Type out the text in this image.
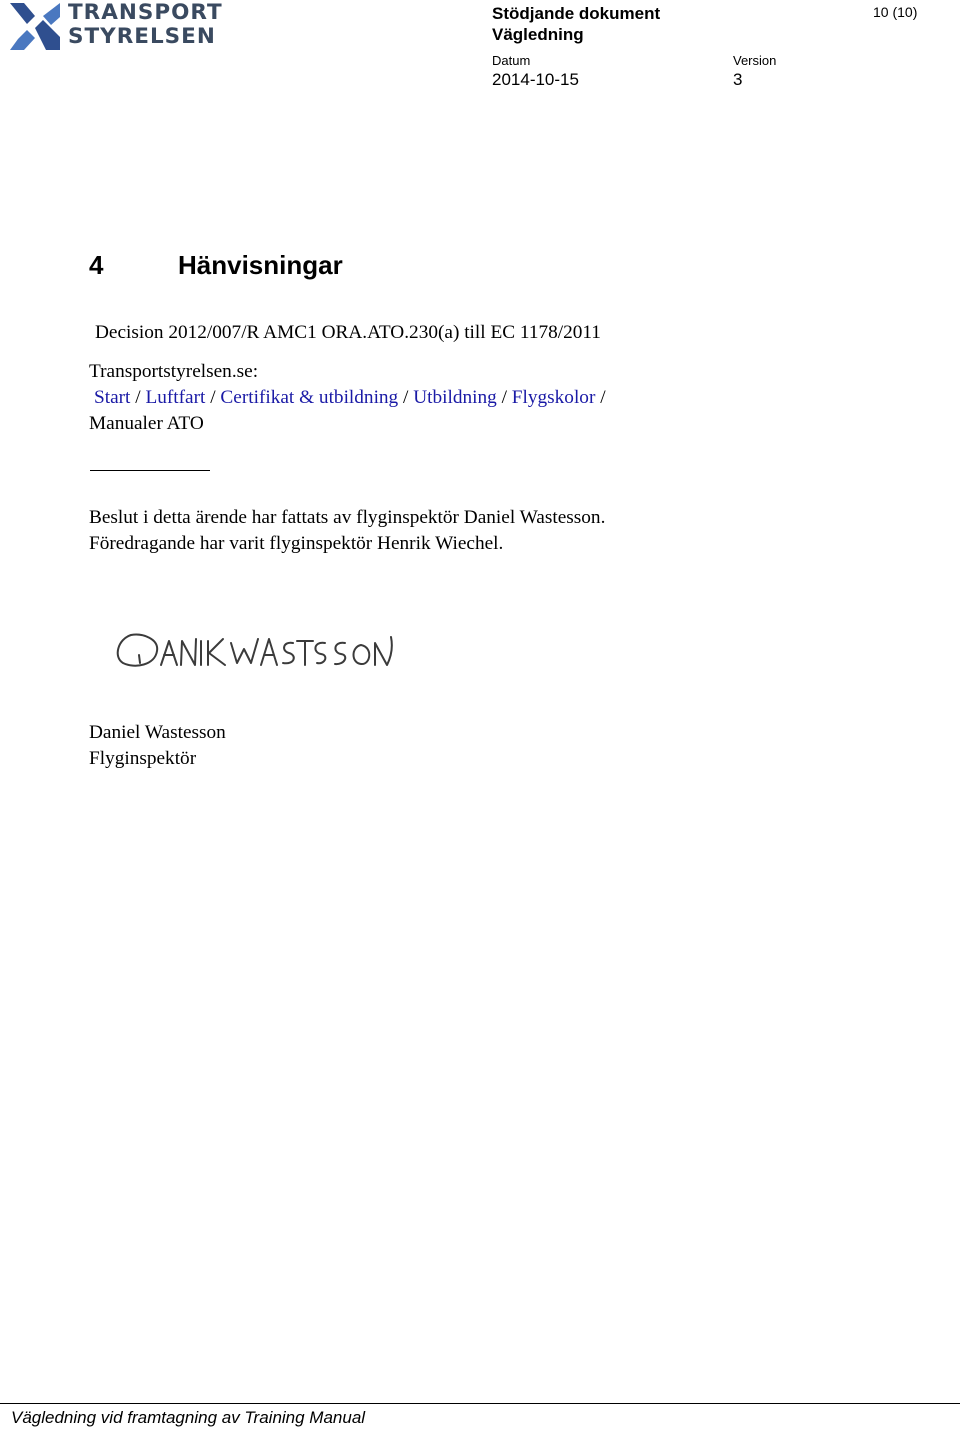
TRANSPORT
STYRELSEN
Stödjande dokument
Vägledning
10 (10)
Datum	Version
2014-10-15	3
4	Hänvisningar
Decision 2012/007/R AMC1 ORA.ATO.230(a) till EC 1178/2011
Transportstyrelsen.se:
Start / Luftfart / Certifikat & utbildning / Utbildning / Flygskolor /
Manualer ATO
Beslut i detta ärende har fattats av flyginspektör Daniel Wastesson.
Föredragande har varit flyginspektör Henrik Wiechel.
Daniel Wastesson
Flyginspektör
Vägledning vid framtagning av Training Manual
